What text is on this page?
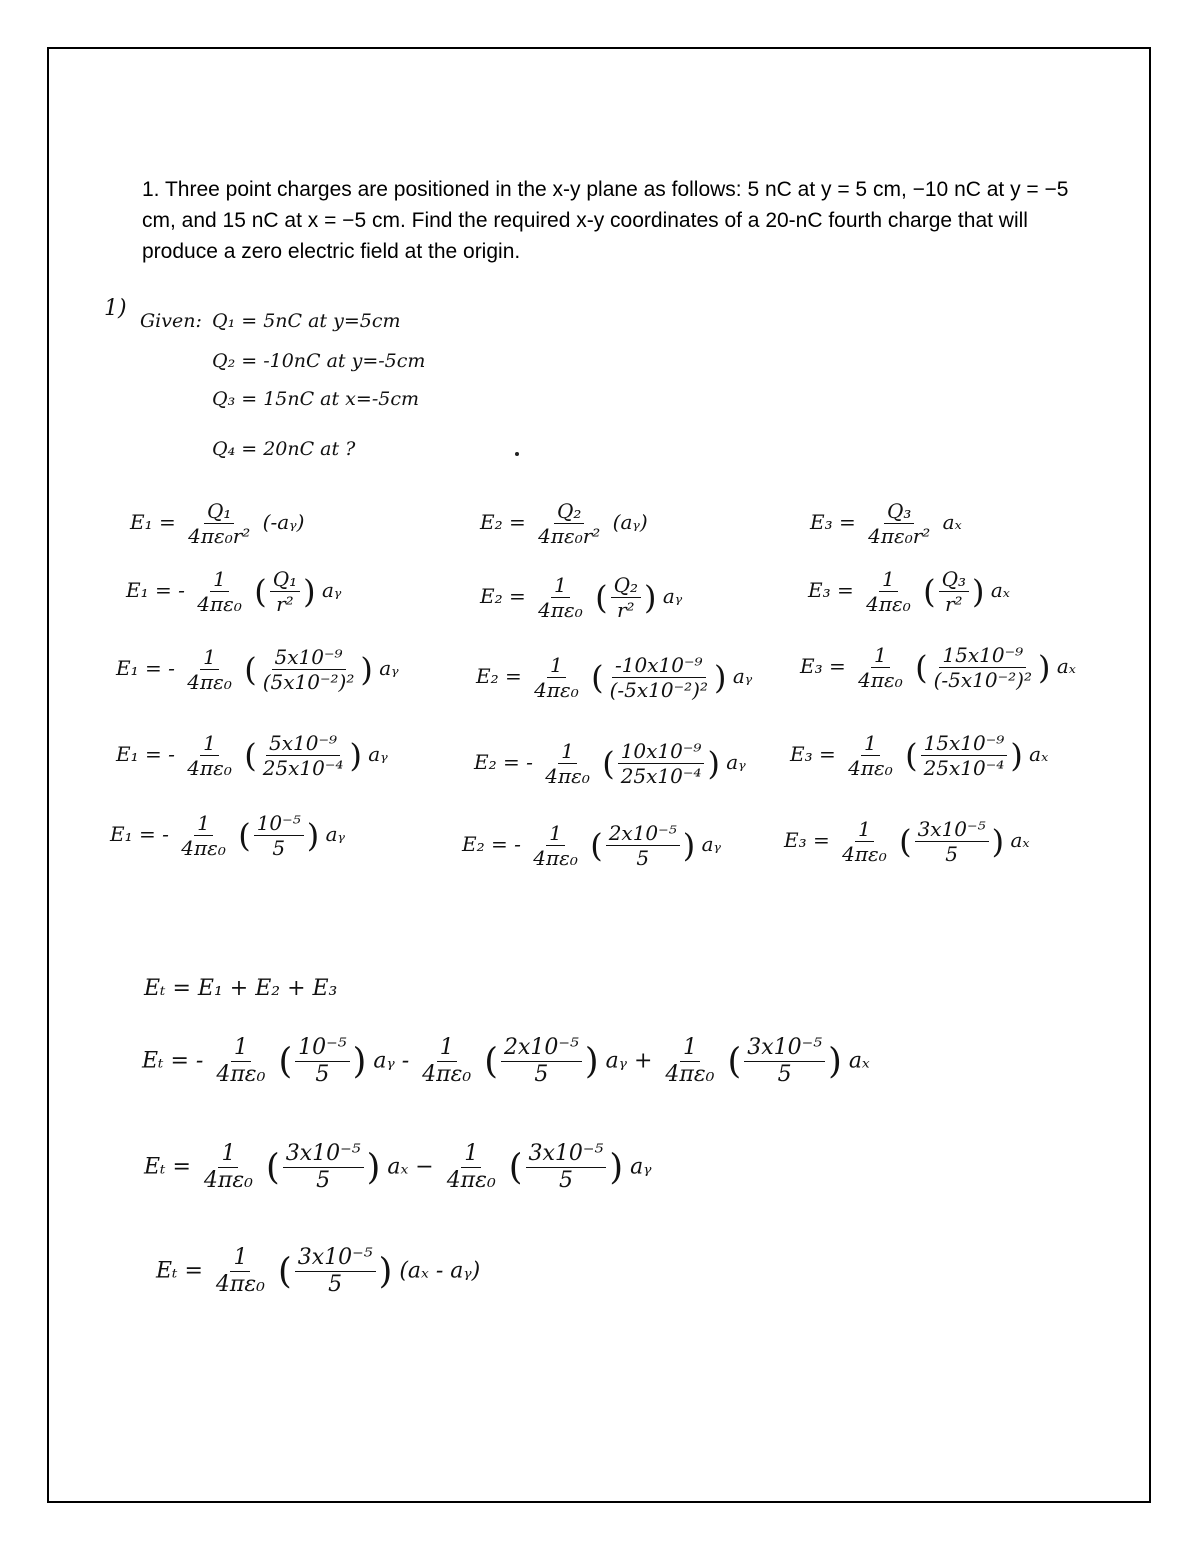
1. Three point charges are positioned in the x-y plane as follows: 5 nC at y = 5 cm, −10 nC at y = −5 cm, and 15 nC at x = −5 cm. Find the required x-y coordinates of a 20-nC fourth charge that will produce a zero electric field at the origin.
1) Given: Q₁ = 5nC at y=5cm
Q₂ = -10nC at y=-5cm
Q₃ = 15nC at x=-5cm
Q₄ = 20nC at ?
$E_1 = \frac{\text{Q₁}}{\text{4πε₀r²}}$ (-aᵧ)
E₁ = - $\frac{1}{\text{4πε₀}}$ ( $\frac{\text{Q₁}}{\text{r²}}$ ) aᵧ
E₁ = - $\frac{1}{\text{4πε₀}}$ ( $\frac{\text{5x10⁻⁹}}{\text{(5x10⁻²)²}}$ ) aᵧ
E₁ = - $\frac{1}{\text{4πε₀}}$ ( $\frac{\text{5x10⁻⁹}}{\text{25x10⁻⁴}}$ ) aᵧ
E₁ = - $\frac{1}{\text{4πε₀}}$ ( $\frac{\text{10⁻⁵}}{5}$ ) aᵧ
$E_2 = \frac{\text{Q₂}}{\text{4πε₀r²}}$ (aᵧ)
$E_2 = \frac{1}{\text{4πε₀}}$ ( $\frac{\text{Q₂}}{\text{r²}}$ ) aᵧ
$E_2 = \frac{1}{\text{4πε₀}}$ ( $\frac{\text{-10x10⁻⁹}}{\text{(-5x10⁻²)²}}$ ) aᵧ
E₂ = - $\frac{1}{\text{4πε₀}}$ ( $\frac{\text{10x10⁻⁹}}{\text{25x10⁻⁴}}$ ) aᵧ
E₂ = - $\frac{1}{\text{4πε₀}}$ ( $\frac{\text{2x10⁻⁵}}{5}$ ) aᵧ
$E_3 = \frac{\text{Q₃}}{\text{4πε₀r²}}$ aₓ
$E_3 = \frac{1}{\text{4πε₀}}$ ( $\frac{\text{Q₃}}{\text{r²}}$ ) aₓ
$E_3 = \frac{1}{\text{4πε₀}}$ ( $\frac{\text{15x10⁻⁹}}{\text{(-5x10⁻²)²}}$ ) aₓ
$E_3 = \frac{1}{\text{4πε₀}}$ ( $\frac{\text{15x10⁻⁹}}{\text{25x10⁻⁴}}$ ) aₓ
$E_3 = \frac{1}{\text{4πε₀}}$ ( $\frac{\text{3x10⁻⁵}}{5}$ ) aₓ
Eₜ = E₁ + E₂ + E₃
Eₜ = - $\frac{1}{\text{4πε₀}}$ ( $\frac{\text{10⁻⁵}}{5}$ ) aᵧ - $\frac{1}{\text{4πε₀}}$ ( $\frac{\text{2x10⁻⁵}}{5}$ ) aᵧ + $\frac{1}{\text{4πε₀}}$ ( $\frac{\text{3x10⁻⁵}}{5}$ ) aₓ
$E_t = \frac{1}{\text{4πε₀}}$ ( $\frac{\text{3x10⁻⁵}}{5}$ ) $a_x - \frac{1}{\text{4πε₀}}$ ( $\frac{\text{3x10⁻⁵}}{5}$ ) aᵧ
$E_t = \frac{1}{\text{4πε₀}}$ ( $\frac{\text{3x10⁻⁵}}{5}$ ) (aₓ - aᵧ)
